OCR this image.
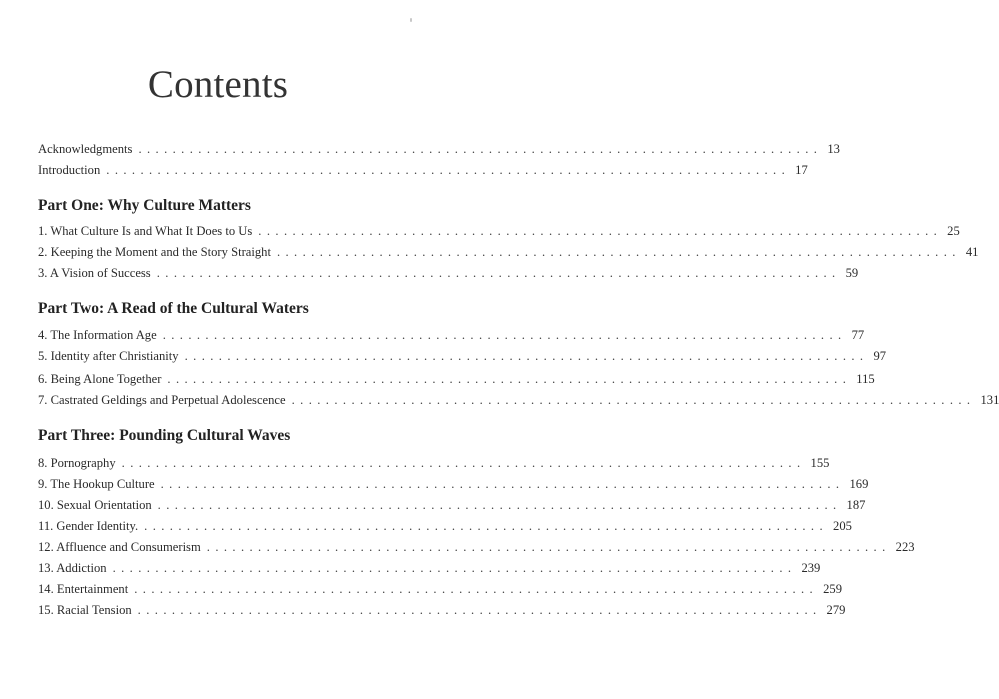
Contents
Acknowledgments ................................................................................ 13
Introduction ................................................................................ 17
Part One: Why Culture Matters
1. What Culture Is and What It Does to Us ................................................................................ 25
2. Keeping the Moment and the Story Straight ................................................................................ 41
3. A Vision of Success ................................................................................ 59
Part Two: A Read of the Cultural Waters
4. The Information Age ................................................................................ 77
5. Identity after Christianity ................................................................................ 97
6. Being Alone Together ................................................................................ 115
7. Castrated Geldings and Perpetual Adolescence ................................................................................ 131
Part Three: Pounding Cultural Waves
8. Pornography ................................................................................ 155
9. The Hookup Culture ................................................................................ 169
10. Sexual Orientation ................................................................................ 187
11. Gender Identity. ................................................................................ 205
12. Affluence and Consumerism ................................................................................ 223
13. Addiction ................................................................................ 239
14. Entertainment ................................................................................ 259
15. Racial Tension ................................................................................ 279
